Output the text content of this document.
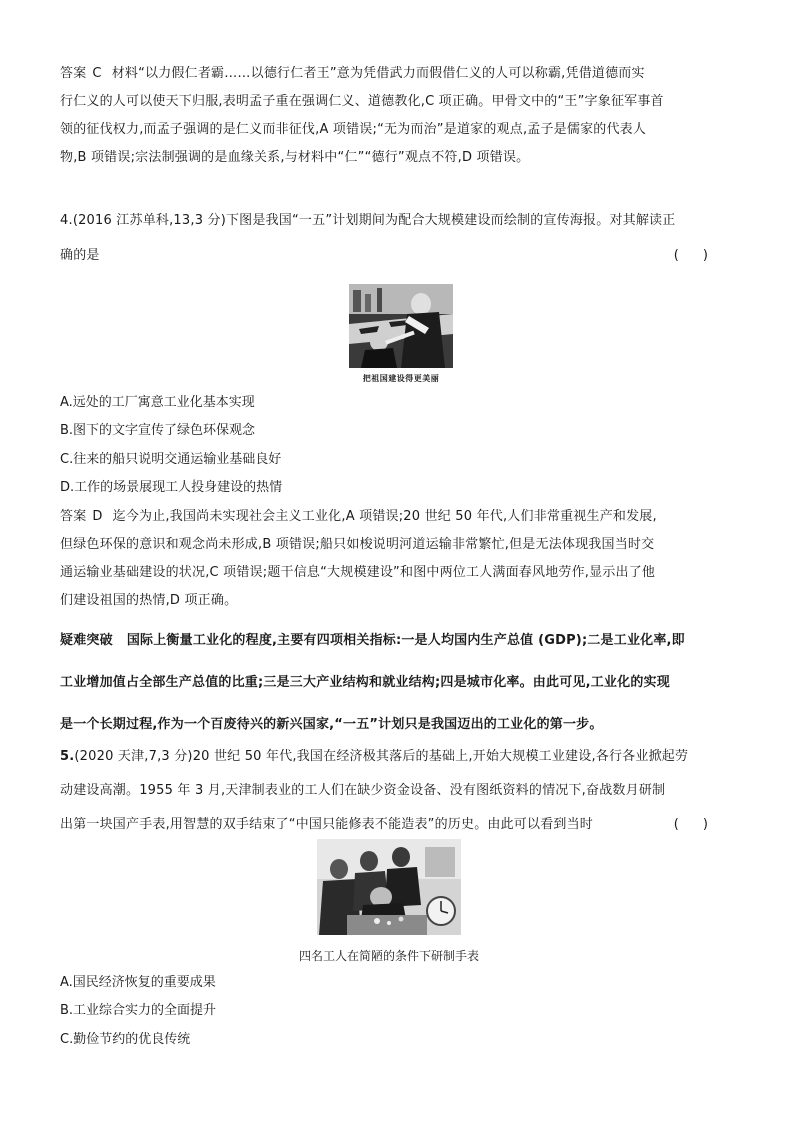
答案 C 材料“以力假仁者霸……以德行仁者王”意为凭借武力而假借仁义的人可以称霸,凭借道德而实
行仁义的人可以使天下归服,表明孟子重在强调仁义、道德教化,C 项正确。甲骨文中的“王”字象征军事首
领的征伐权力,而孟子强调的是仁义而非征伐,A 项错误;“无为而治”是道家的观点,孟子是儒家的代表人
物,B 项错误;宗法制强调的是血缘关系,与材料中“仁”“德行”观点不符,D 项错误。
4.(2016 江苏单科,13,3 分)下图是我国“一五”计划期间为配合大规模建设而绘制的宣传海报。对其解读正
确的是	( )
把祖国建设得更美丽
A.远处的工厂寓意工业化基本实现
B.图下的文字宣传了绿色环保观念
C.往来的船只说明交通运输业基础良好
D.工作的场景展现工人投身建设的热情
答案 D 迄今为止,我国尚未实现社会主义工业化,A 项错误;20 世纪 50 年代,人们非常重视生产和发展,
但绿色环保的意识和观念尚未形成,B 项错误;船只如梭说明河道运输非常繁忙,但是无法体现我国当时交
通运输业基础建设的状况,C 项错误;题干信息“大规模建设”和图中两位工人满面春风地劳作,显示出了他
们建设祖国的热情,D 项正确。
疑难突破 国际上衡量工业化的程度,主要有四项相关指标:一是人均国内生产总值 (GDP);二是工业化率,即
工业增加值占全部生产总值的比重;三是三大产业结构和就业结构;四是城市化率。由此可见,工业化的实现
是一个长期过程,作为一个百废待兴的新兴国家,“一五”计划只是我国迈出的工业化的第一步。
5.(2020 天津,7,3 分)20 世纪 50 年代,我国在经济极其落后的基础上,开始大规模工业建设,各行各业掀起劳
动建设高潮。1955 年 3 月,天津制表业的工人们在缺少资金设备、没有图纸资料的情况下,奋战数月研制
出第一块国产手表,用智慧的双手结束了“中国只能修表不能造表”的历史。由此可以看到当时	( )
四名工人在简陋的条件下研制手表
A.国民经济恢复的重要成果
B.工业综合实力的全面提升
C.勤俭节约的优良传统
